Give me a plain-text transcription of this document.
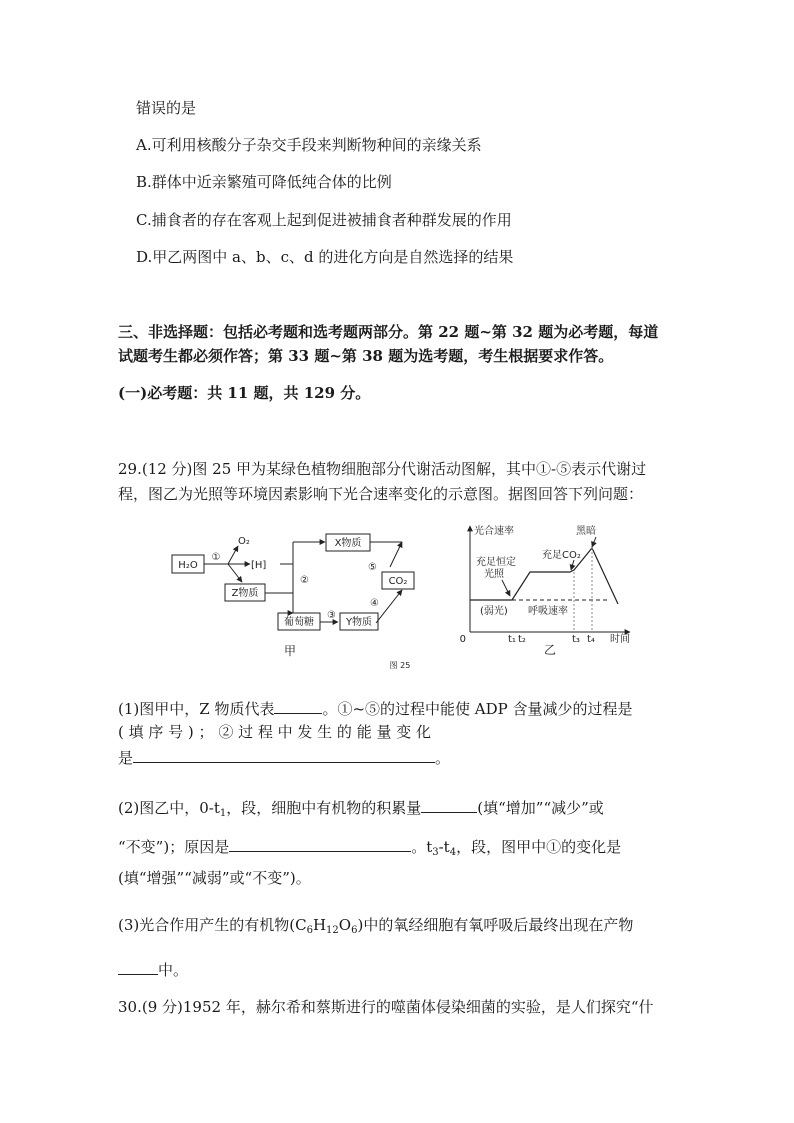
错误的是
A.可利用核酸分子杂交手段来判断物种间的亲缘关系
B.群体中近亲繁殖可降低纯合体的比例
C.捕食者的存在客观上起到促进被捕食者种群发展的作用
D.甲乙两图中 a、b、c、d 的进化方向是自然选择的结果
三、非选择题：包括必考题和选考题两部分。第 22 题~第 32 题为必考题，每道
试题考生都必须作答；第 33 题~第 38 题为选考题，考生根据要求作答。
(一)必考题：共 11 题，共 129 分。
29.(12 分)图 25 甲为某绿色植物细胞部分代谢活动图解，其中①-⑤表示代谢过
程，图乙为光照等环境因素影响下光合速率变化的示意图。据图回答下列问题：
H₂O
①
O₂
[H]
Z物质
②
X物质
⑤
CO₂
④
葡萄糖
③
Y物质
甲
图 25
光合速率
0	时间
(弱光) 呼吸速率
充足恒定
光照
充足CO₂
黑暗
t₁ t₂	t₃ t₄
乙
(1)图甲中，Z 物质代表	。①~⑤的过程中能使 ADP 含量减少的过程是
( 填 序 号 ) ； ② 过 程 中 发 生 的 能 量 变 化
是	。
(2)图乙中，$0-t_1$，段，细胞中有机物的积累量	(填“增加”“减少”或
“不变”)；原因是	。$t_3-t_4$，段，图甲中①的变化是
(填“增强”“减弱”或“不变”)。
(3)光合作用产生的有机物$(C_6H_{12}O_6)$中的氧经细胞有氧呼吸后最终出现在产物
中。
30.(9 分)1952 年，赫尔希和蔡斯进行的噬菌体侵染细菌的实验，是人们探究“什
